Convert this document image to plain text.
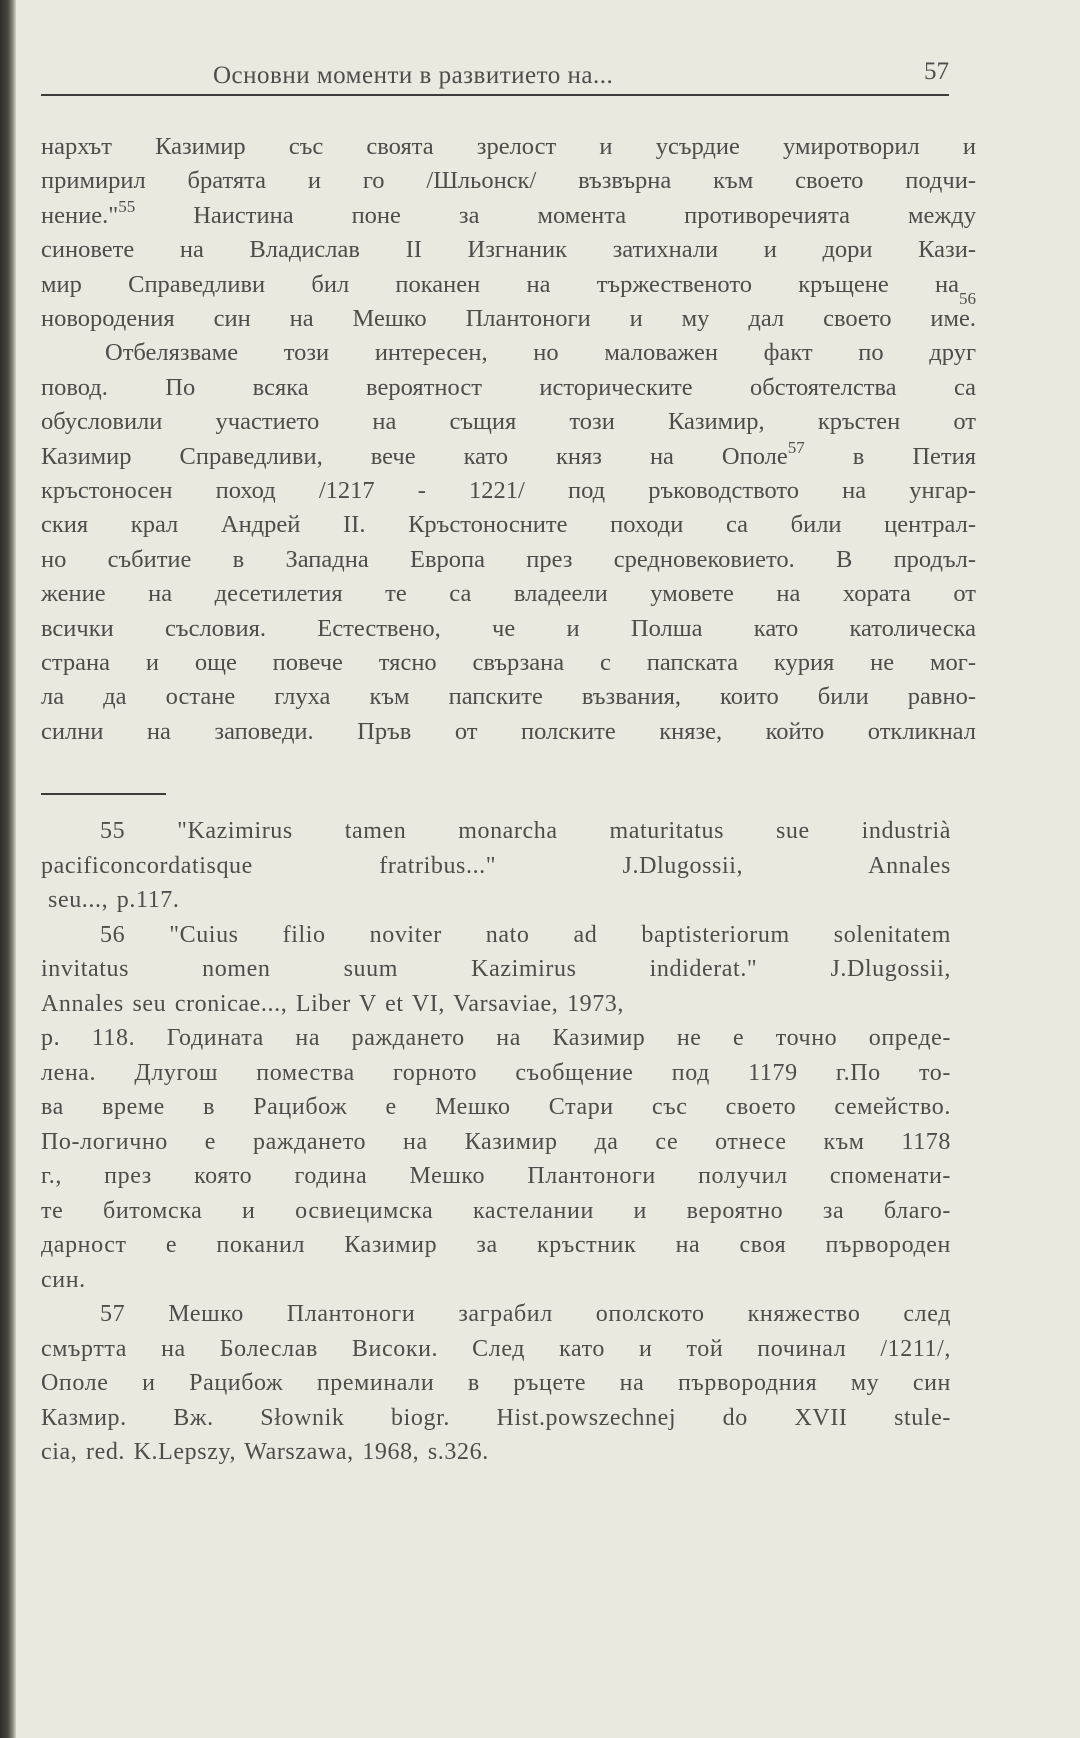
Основни моменти в развитието на...	57
нархът Казимир със своята зрелост и усърдие умиротворил и
примирил братята и го /Шльонск/ възвърна към своето подчи-
нение."$^{55}$ Наистина поне за момента противоречията между
синовете на Владислав II Изгнаник затихнали и дори Кази-
мир Справедливи бил поканен на тържественото кръщене $на_{56}$
новородения син на Мешко Плантоноги и му дал своето име.
Отбелязваме този интересен, но маловажен факт по друг
повод. По всяка вероятност историческите обстоятелства са
обусловили участието на същия този Казимир, кръстен от
Казимир Справедливи, вече като княз на Ополе$^{57}$ в Петия
кръстоносен поход /1217 - 1221/ под ръководството на унгар-
ския крал Андрей II. Кръстоносните походи са били централ-
но събитие в Западна Европа през средновековието. В продъл-
жение на десетилетия те са владеели умовете на хората от
всички съсловия. Естествено, че и Полша като католическа
страна и още повече тясно свързана с папската курия не мог-
ла да остане глуха към папските възвания, които били равно-
силни на заповеди. Пръв от полските князе, който откликнал
55 "Kazimirus tamen monarcha maturitatus sue industrià
pacificoncordatisque fratribus..." J.Dlugossii, Annales
seu..., p.117.
56 "Cuius filio noviter nato ad baptisteriorum solenitatem
invitatus nomen suum Kazimirus indiderat." J.Dlugossii,
Annales seu cronicae..., Liber V et VI, Varsaviae, 1973,
p. 118. Годината на раждането на Казимир не е точно опреде-
лена. Длугош помества горното съобщение под 1179 г.По то-
ва време в Рацибож е Мешко Стари със своето семейство.
По-логично е раждането на Казимир да се отнесе към 1178
г., през която година Мешко Плантоноги получил споменати-
те битомска и освиецимска кастелании и вероятно за благо-
дарност е поканил Казимир за кръстник на своя първороден
син.
57 Мешко Плантоноги заграбил ополското княжество след
смъртта на Болеслав Високи. След като и той починал /1211/,
Ополе и Рацибож преминали в ръцете на първородния му син
Казмир. Вж. Słownik biogr. Hist.powszechnej do XVII stule-
cia, red. K.Lepszy, Warszawa, 1968, s.326.
